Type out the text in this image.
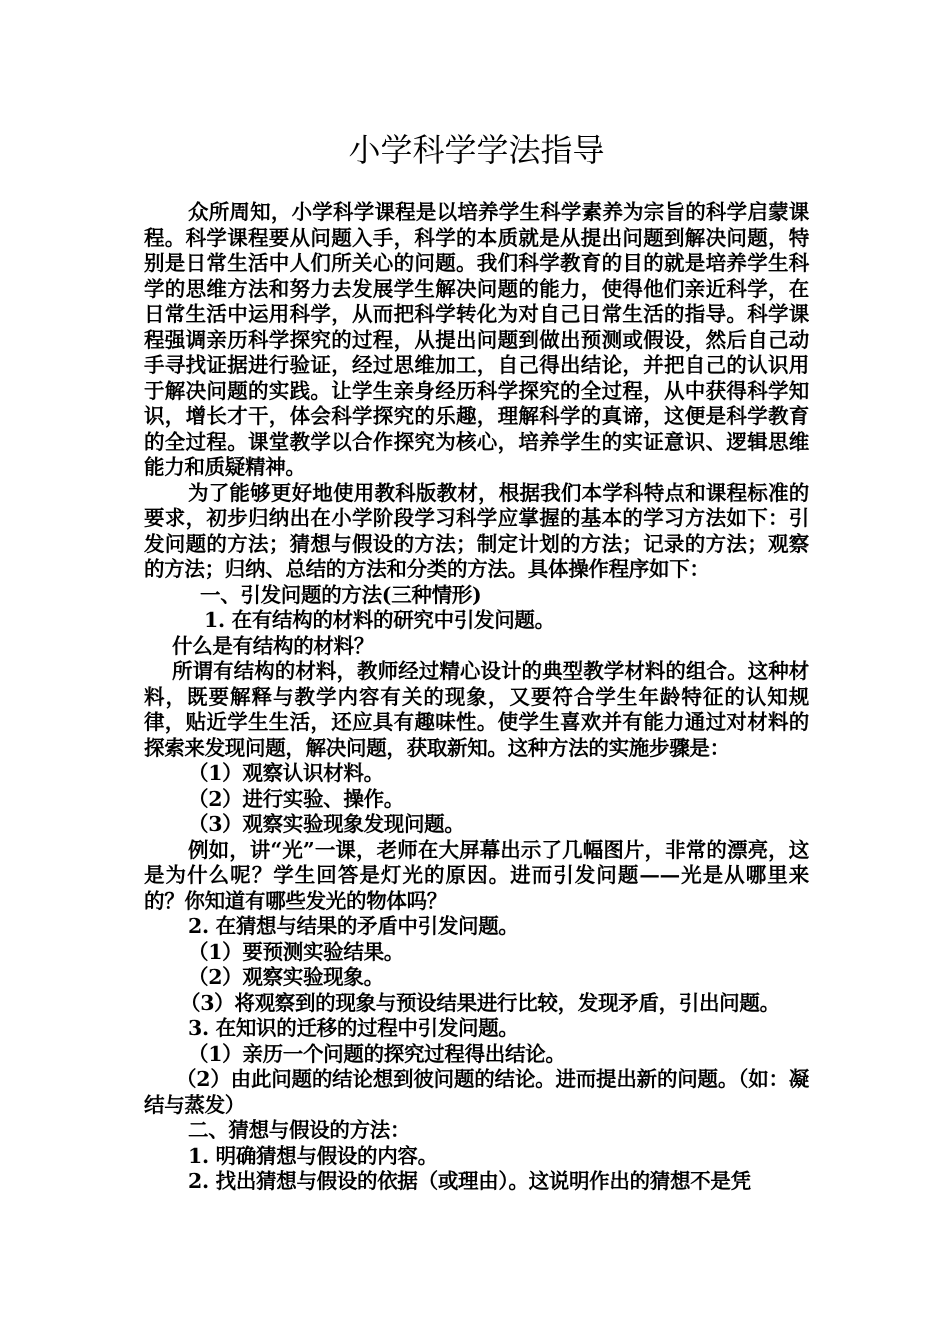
小学科学学法指导

众所周知，小学科学课程是以培养学生科学素养为宗旨的科学启蒙课程。科学课程要从问题入手，科学的本质就是从提出问题到解决问题，特别是日常生活中人们所关心的问题。我们科学教育的目的就是培养学生科学的思维方法和努力去发展学生解决问题的能力，使得他们亲近科学，在日常生活中运用科学，从而把科学转化为对自己日常生活的指导。科学课程强调亲历科学探究的过程，从提出问题到做出预测或假设，然后自己动手寻找证据进行验证，经过思维加工，自己得出结论，并把自己的认识用于解决问题的实践。让学生亲身经历科学探究的全过程，从中获得科学知识，增长才干，体会科学探究的乐趣，理解科学的真谛，这便是科学教育的全过程。课堂教学以合作探究为核心，培养学生的实证意识、逻辑思维能力和质疑精神。

为了能够更好地使用教科版教材，根据我们本学科特点和课程标准的要求，初步归纳出在小学阶段学习科学应掌握的基本的学习方法如下：引发问题的方法；猜想与假设的方法；制定计划的方法；记录的方法；观察的方法；归纳、总结的方法和分类的方法。具体操作程序如下：

一、引发问题的方法(三种情形)

1. 在有结构的材料的研究中引发问题。

什么是有结构的材料？

所谓有结构的材料，教师经过精心设计的典型教学材料的组合。这种材料，既要解释与教学内容有关的现象，又要符合学生年龄特征的认知规律，贴近学生生活，还应具有趣味性。使学生喜欢并有能力通过对材料的探索来发现问题，解决问题，获取新知。这种方法的实施步骤是：

（1）观察认识材料。

（2）进行实验、操作。

（3）观察实验现象发现问题。

例如，讲“光”一课，老师在大屏幕出示了几幅图片，非常的漂亮，这是为什么呢？学生回答是灯光的原因。进而引发问题——光是从哪里来的？你知道有哪些发光的物体吗？

2. 在猜想与结果的矛盾中引发问题。

（1）要预测实验结果。

（2）观察实验现象。

（3）将观察到的现象与预设结果进行比较，发现矛盾，引出问题。

3. 在知识的迁移的过程中引发问题。

（1）亲历一个问题的探究过程得出结论。

（2）由此问题的结论想到彼问题的结论。进而提出新的问题。（如：凝结与蒸发）

二、猜想与假设的方法：

1. 明确猜想与假设的内容。

2. 找出猜想与假设的依据（或理由）。这说明作出的猜想不是凭
